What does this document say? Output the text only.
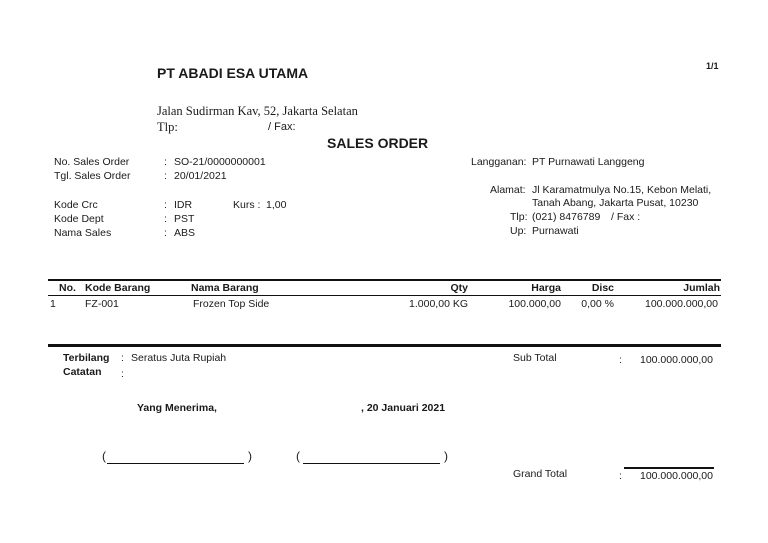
1/1
PT ABADI ESA UTAMA
Jalan Sudirman Kav, 52, Jakarta Selatan
Tlp:	/ Fax:
SALES ORDER
No. Sales Order	: SO-21/0000000001
Tgl. Sales Order	: 20/01/2021
Kode Crc	: IDR	Kurs : 1,00
Kode Dept	: PST
Nama Sales	: ABS
Langganan: PT Purnawati Langgeng
Alamat: Jl Karamatmulya No.15, Kebon Melati,
Tanah Abang, Jakarta Pusat, 10230
Tlp: (021) 8476789 / Fax :
Up: Purnawati
No. Kode Barang	Nama Barang	Qty	Harga	Disc	Jumlah
1	FZ-001	Frozen Top Side	1.000,00 KG	100.000,00	0,00 %	100.000.000,00
Terbilang : Seratus Juta Rupiah
Catatan :
Sub Total	:	100.000.000,00
Yang Menerima,	, 20 Januari 2021
(	)	(	)
Grand Total	:	100.000.000,00
